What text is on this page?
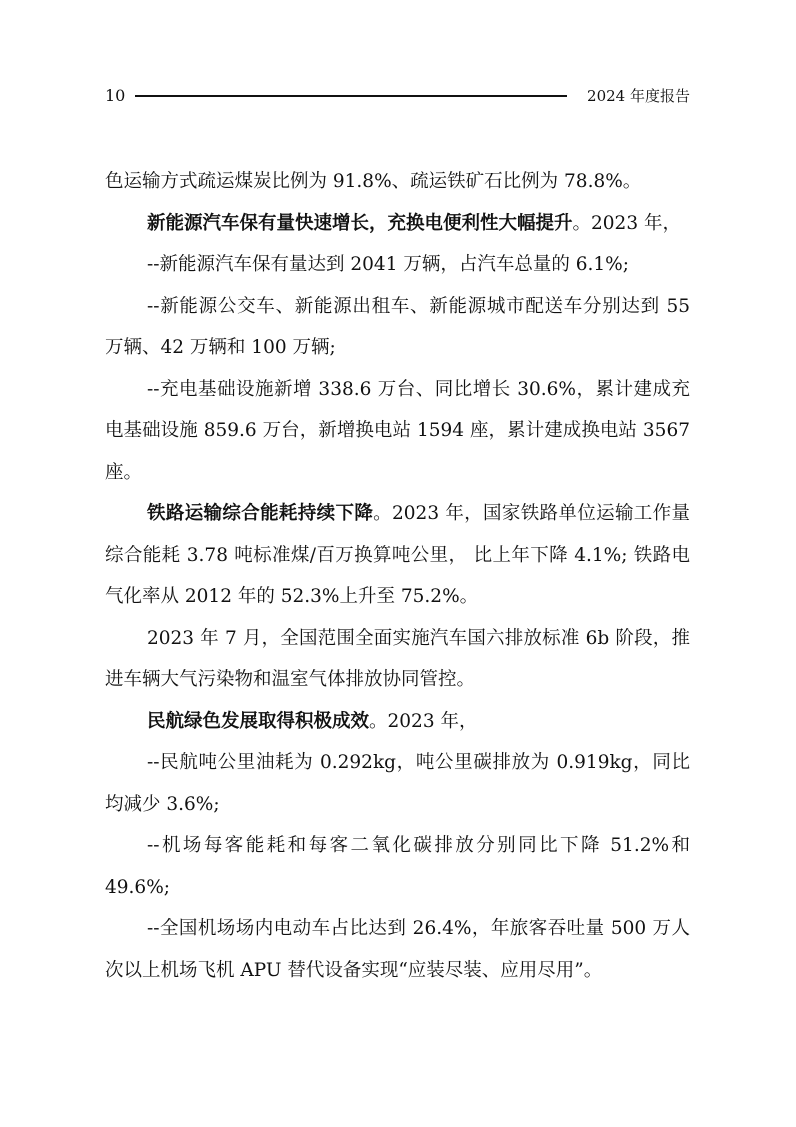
10	2024 年度报告

色运输方式疏运煤炭比例为 91.8%、疏运铁矿石比例为 78.8%。

新能源汽车保有量快速增长，充换电便利性大幅提升。2023 年，

--新能源汽车保有量达到 2041 万辆，占汽车总量的 6.1%;

--新能源公交车、新能源出租车、新能源城市配送车分别达到 55 万辆、42 万辆和 100 万辆;

--充电基础设施新增 338.6 万台、同比增长 30.6%，累计建成充电基础设施 859.6 万台，新增换电站 1594 座，累计建成换电站 3567 座。

铁路运输综合能耗持续下降。2023 年，国家铁路单位运输工作量综合能耗 3.78 吨标准煤/百万换算吨公里， 比上年下降 4.1%; 铁路电气化率从 2012 年的 52.3%上升至 75.2%。

2023 年 7 月，全国范围全面实施汽车国六排放标准 6b 阶段，推进车辆大气污染物和温室气体排放协同管控。

民航绿色发展取得积极成效。2023 年，

--民航吨公里油耗为 0.292kg，吨公里碳排放为 0.919kg，同比均减少 3.6%;

--机场每客能耗和每客二氧化碳排放分别同比下降 51.2%和 49.6%;

--全国机场场内电动车占比达到 26.4%，年旅客吞吐量 500 万人次以上机场飞机 APU 替代设备实现“应装尽装、应用尽用”。
